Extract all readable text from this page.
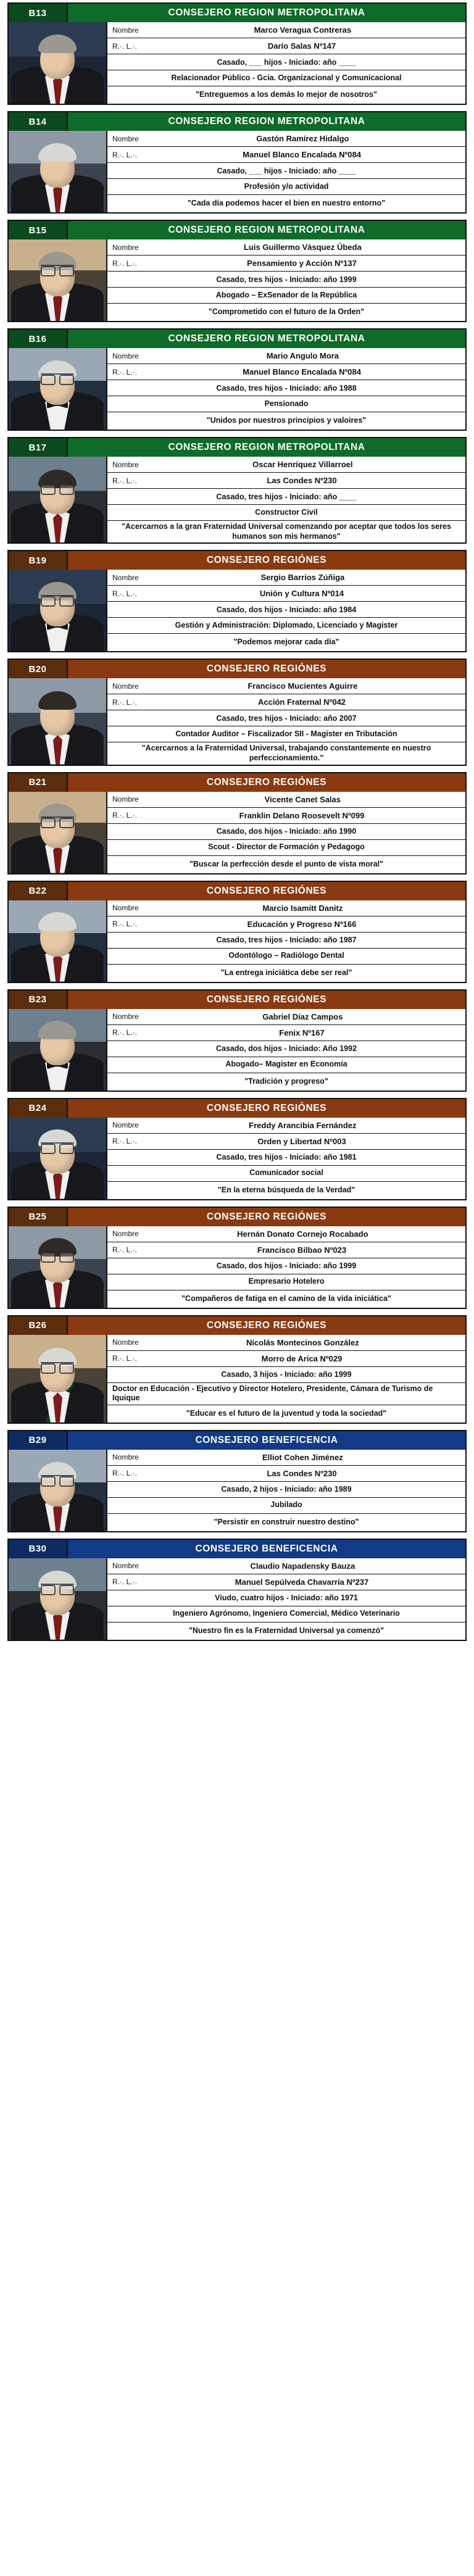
B13	CONSEJERO REGION METROPOLITANA
Nombre	Marco Veragua Contreras
R.·. L.·.	Darío Salas Nº147
Casado, ___ hijos - Iniciado: año ____
Relacionador Público - Gcia. Organizacional y Comunicacional
"Entreguemos a los demás lo mejor de nosotros"
B14	CONSEJERO REGION METROPOLITANA
Nombre	Gastón Ramírez Hidalgo
R.·. L.·.	Manuel Blanco Encalada Nº084
Casado, ___ hijos - Iniciado: año ____
Profesión y/o actividad
"Cada día podemos hacer el bien en nuestro entorno"
B15	CONSEJERO REGION METROPOLITANA
Nombre	Luis Guillermo Vásquez Úbeda
R.·. L.·.	Pensamiento y Acción Nº137
Casado, tres hijos - Iniciado: año 1999
Abogado – ExSenador de la República
"Comprometido con el futuro de la Orden"
B16	CONSEJERO REGION METROPOLITANA
Nombre	Mario Angulo Mora
R.·. L.·.	Manuel Blanco Encalada Nº084
Casado, tres hijos - Iniciado: año 1988
Pensionado
"Unidos por nuestros principios y valoires"
B17	CONSEJERO REGION METROPOLITANA
Nombre	Oscar Henríquez Villarroel
R.·. L.·.	Las Condes Nº230
Casado, tres hijos - Iniciado: año ____
Constructor Civil
"Acercarnos a la gran Fraternidad Universal comenzando por aceptar que todos los seres humanos son mis hermanos"
B19	CONSEJERO REGIÓNES
Nombre	Sergio Barrios Zúñiga
R.·. L.·.	Unión y Cultura Nº014
Casado, dos hijos - Iniciado: año 1984
Gestión y Administración: Diplomado, Licenciado y Magister
"Podemos mejorar cada día"
B20	CONSEJERO REGIÓNES
Nombre	Francisco Mucientes Aguirre
R.·. L.·.	Acción Fraternal Nº042
Casado, tres hijos - Iniciado: año 2007
Contador Auditor – Fiscalizador SII - Magister en Tributación
"Acercarnos a la Fraternidad Universal, trabajando constantemente en nuestro perfeccionamiento."
B21	CONSEJERO REGIÓNES
Nombre	Vicente Canet Salas
R.·. L.·.	Franklin Delano Roosevelt Nº099
Casado, dos hijos - Iniciado: año 1990
Scout - Director de Formación y Pedagogo
"Buscar la perfección desde el punto de vista moral"
B22	CONSEJERO REGIÓNES
Nombre	Marcio Isamitt Danitz
R.·. L.·.	Educación y Progreso Nº166
Casado, tres hijos - Iniciado: año 1987
Odontólogo – Radiólogo Dental
"La entrega iniciática debe ser real"
B23	CONSEJERO REGIÓNES
Nombre	Gabriel Díaz Campos
R.·. L.·.	Fenix Nº167
Casado, dos hijos - Iniciado: Año 1992
Abogado– Magister en Economía
"Tradición y progreso"
B24	CONSEJERO REGIÓNES
Nombre	Freddy Arancibia Fernández
R.·. L.·.	Orden y Libertad Nº003
Casado, tres hijos - Iniciado: año 1981
Comunicador social
"En la eterna búsqueda de la Verdad"
B25	CONSEJERO REGIÓNES
Nombre	Hernán Donato Cornejo Rocabado
R.·. L.·.	Francisco Bilbao Nº023
Casado, dos hijos - Iniciado: año 1999
Empresario Hotelero
"Compañeros de fatiga en el camino de la vida iniciática"
B26	CONSEJERO REGIÓNES
Nombre	Nicolás Montecinos González
R.·. L.·.	Morro de Arica Nº029
Casado, 3 hijos - Iniciado: año 1999
Doctor en Educación - Ejecutivo y Director Hotelero, Presidente, Cámara de Turismo de Iquique
"Educar es el futuro de la juventud y toda la sociedad"
B29	CONSEJERO BENEFICENCIA
Nombre	Elliot Cohen Jiménez
R.·. L.·.	Las Condes Nº230
Casado, 2 hijos - Iniciado: año 1989
Jubilado
"Persistir en construir nuestro destino"
B30	CONSEJERO BENEFICENCIA
Nombre	Claudio Napadensky Bauza
R.·. L.·.	Manuel Sepúlveda Chavarría Nº237
Viudo, cuatro hijos - Iniciado: año 1971
Ingeniero Agrónomo, Ingeniero Comercial, Médico Veterinario
"Nuestro fin es la Fraternidad Universal ya comenzó"
